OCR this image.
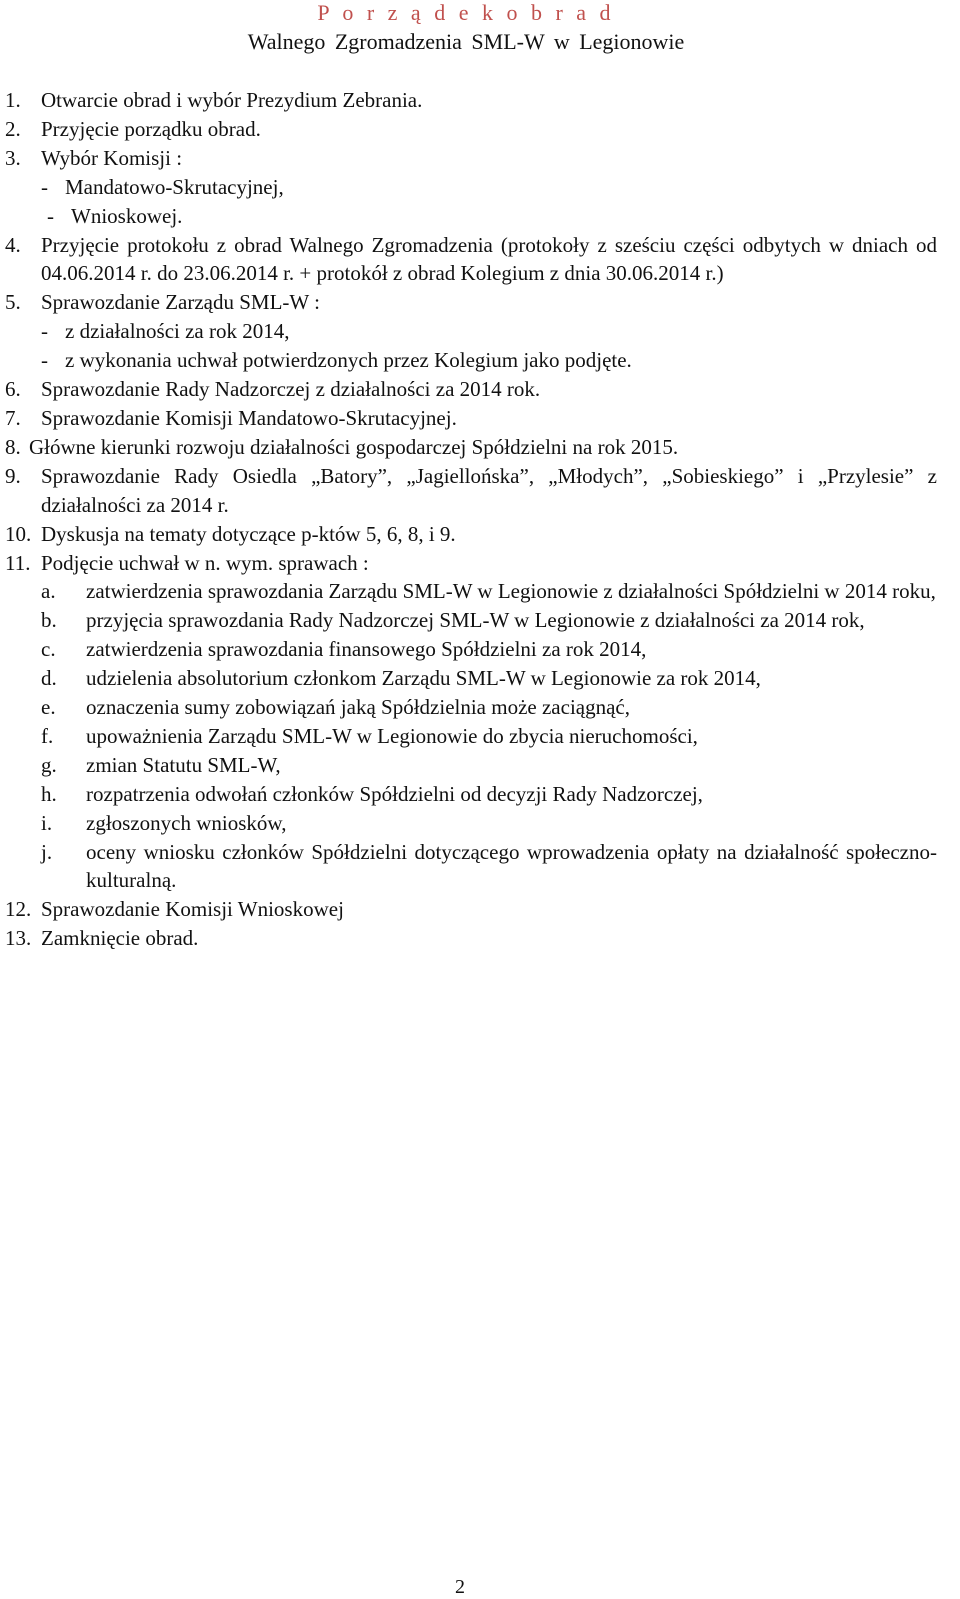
P o r z ą d e k o b r a d
Walnego Zgromadzenia SML-W w Legionowie
1. Otwarcie obrad i wybór Prezydium Zebrania.
2. Przyjęcie porządku obrad.
3. Wybór Komisji :
- Mandatowo-Skrutacyjnej,
- Wnioskowej.
4. Przyjęcie protokołu z obrad Walnego Zgromadzenia (protokoły z sześciu części odbytych w dniach od 04.06.2014 r. do 23.06.2014 r. + protokół z obrad Kolegium z dnia 30.06.2014 r.)
5. Sprawozdanie Zarządu SML-W :
- z działalności za rok 2014,
- z wykonania uchwał potwierdzonych przez Kolegium jako podjęte.
6. Sprawozdanie Rady Nadzorczej z działalności za 2014 rok.
7. Sprawozdanie Komisji Mandatowo-Skrutacyjnej.
8. Główne kierunki rozwoju działalności gospodarczej Spółdzielni na rok 2015.
9. Sprawozdanie Rady Osiedla „Batory”, „Jagiellońska”, „Młodych”, „Sobieskiego” i „Przylesie” z działalności za 2014 r.
10. Dyskusja na tematy dotyczące p-któw 5, 6, 8, i 9.
11. Podjęcie uchwał w n. wym. sprawach :
a.	zatwierdzenia sprawozdania Zarządu SML-W w Legionowie z działalności Spółdzielni w 2014 roku,
b.	przyjęcia sprawozdania Rady Nadzorczej SML-W w Legionowie z działalności za 2014 rok,
c.	zatwierdzenia sprawozdania finansowego Spółdzielni za rok 2014,
d.	udzielenia absolutorium członkom Zarządu SML-W w Legionowie za rok 2014,
e.	oznaczenia sumy zobowiązań jaką Spółdzielnia może zaciągnąć,
f.	upoważnienia Zarządu SML-W w Legionowie do zbycia nieruchomości,
g.	zmian Statutu SML-W,
h.	rozpatrzenia odwołań członków Spółdzielni od decyzji Rady Nadzorczej,
i.	zgłoszonych wniosków,
j.	oceny wniosku członków Spółdzielni dotyczącego wprowadzenia opłaty na działalność społeczno-kulturalną.
12. Sprawozdanie Komisji Wnioskowej
13. Zamknięcie obrad.
2
